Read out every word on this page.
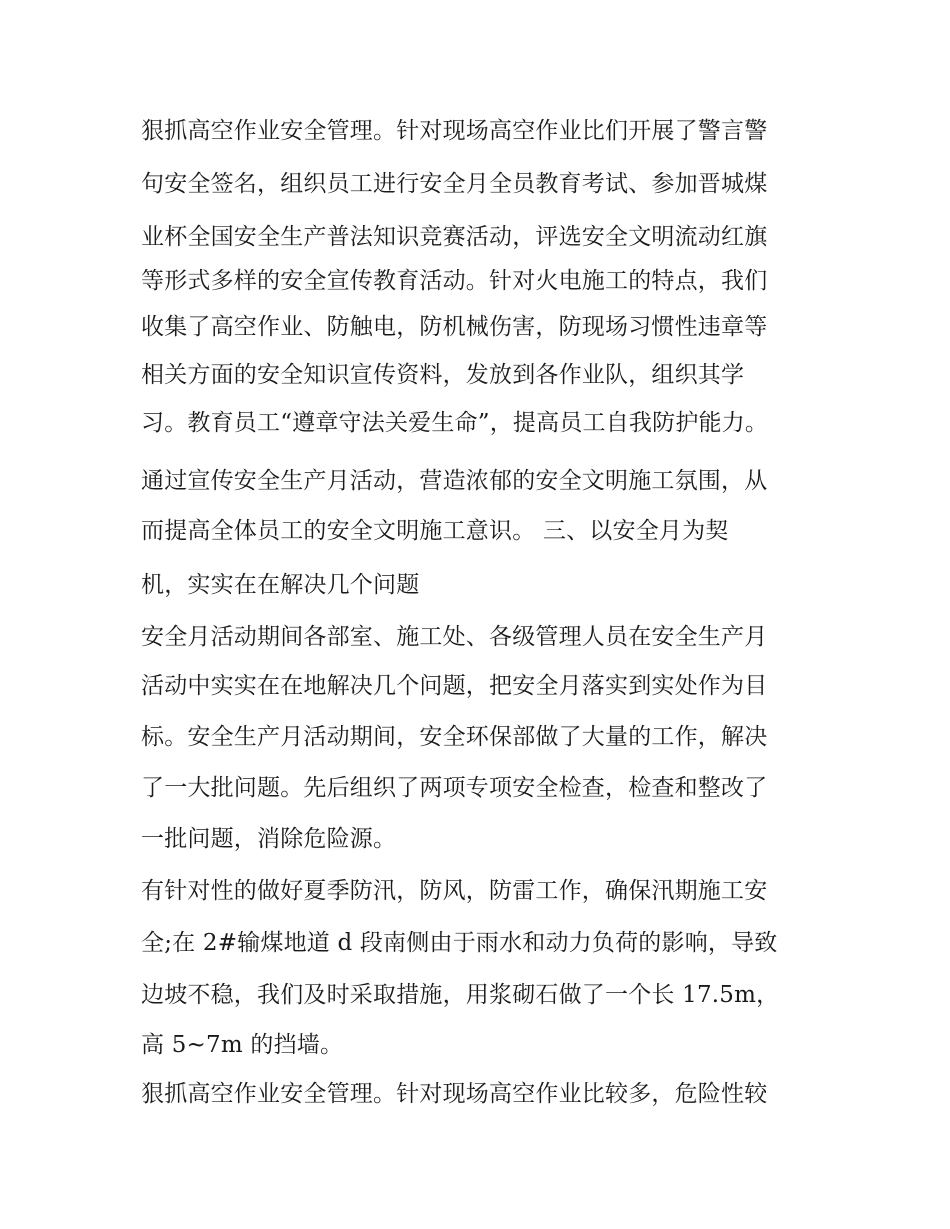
狠抓高空作业安全管理。针对现场高空作业比们开展了警言警
句安全签名，组织员工进行安全月全员教育考试、参加晋城煤
业杯全国安全生产普法知识竞赛活动，评选安全文明流动红旗
等形式多样的安全宣传教育活动。针对火电施工的特点，我们
收集了高空作业、防触电，防机械伤害，防现场习惯性违章等
相关方面的安全知识宣传资料，发放到各作业队，组织其学
习。教育员工“遵章守法关爱生命”，提高员工自我防护能力。
通过宣传安全生产月活动，营造浓郁的安全文明施工氛围，从
而提高全体员工的安全文明施工意识。 三、以安全月为契
机，实实在在解决几个问题
安全月活动期间各部室、施工处、各级管理人员在安全生产月
活动中实实在在地解决几个问题，把安全月落实到实处作为目
标。安全生产月活动期间，安全环保部做了大量的工作，解决
了一大批问题。先后组织了两项专项安全检查，检查和整改了
一批问题，消除危险源。
有针对性的做好夏季防汛，防风，防雷工作，确保汛期施工安
全;在 2#输煤地道 d 段南侧由于雨水和动力负荷的影响，导致
边坡不稳，我们及时采取措施，用浆砌石做了一个长 17.5m，
高 5~7m 的挡墙。
狠抓高空作业安全管理。针对现场高空作业比较多，危险性较
